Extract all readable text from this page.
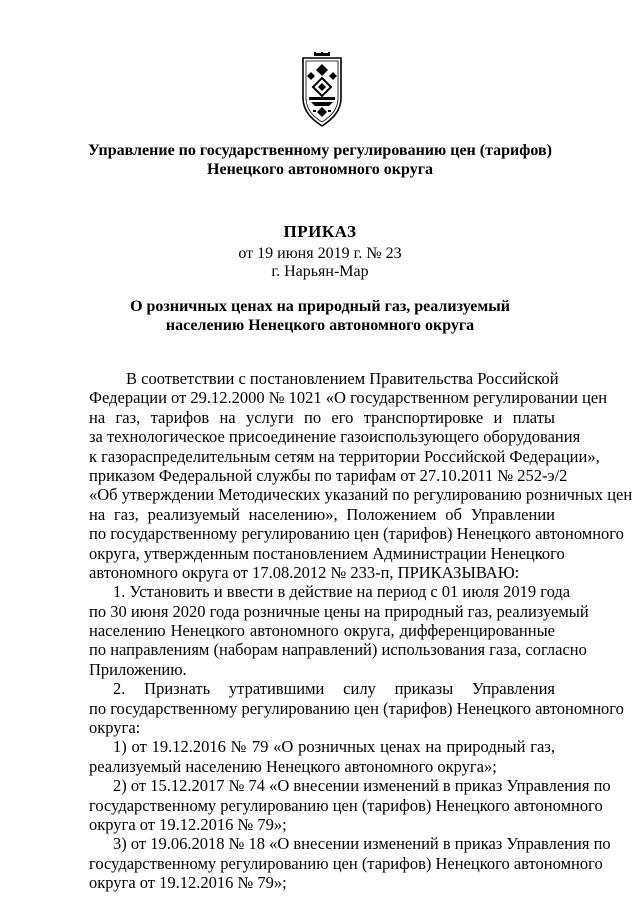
Управление по государственному регулированию цен (тарифов)
Ненецкого автономного округа
ПРИКАЗ
от 19 июня 2019 г. № 23
г. Нарьян-Мар
О розничных ценах на природный газ, реализуемый
населению Ненецкого автономного округа
В соответствии с постановлением Правительства Российской
Федерации от 29.12.2000 № 1021 «О государственном регулировании цен
на газ, тарифов на услуги по его транспортировке и платы
за технологическое присоединение газоиспользующего оборудования
к газораспределительным сетям на территории Российской Федерации»,
приказом Федеральной службы по тарифам от 27.10.2011 № 252-э/2
«Об утверждении Методических указаний по регулированию розничных цен
на газ, реализуемый населению», Положением об Управлении
по государственному регулированию цен (тарифов) Ненецкого автономного
округа, утвержденным постановлением Администрации Ненецкого
автономного округа от 17.08.2012 № 233-п, ПРИКАЗЫВАЮ:
1. Установить и ввести в действие на период с 01 июля 2019 года
по 30 июня 2020 года розничные цены на природный газ, реализуемый
населению Ненецкого автономного округа, дифференцированные
по направлениям (наборам направлений) использования газа, согласно
Приложению.
2. Признать утратившими силу приказы Управления
по государственному регулированию цен (тарифов) Ненецкого автономного
округа:
1) от 19.12.2016 № 79 «О розничных ценах на природный газ,
реализуемый населению Ненецкого автономного округа»;
2) от 15.12.2017 № 74 «О внесении изменений в приказ Управления по
государственному регулированию цен (тарифов) Ненецкого автономного
округа от 19.12.2016 № 79»;
3) от 19.06.2018 № 18 «О внесении изменений в приказ Управления по
государственному регулированию цен (тарифов) Ненецкого автономного
округа от 19.12.2016 № 79»;
